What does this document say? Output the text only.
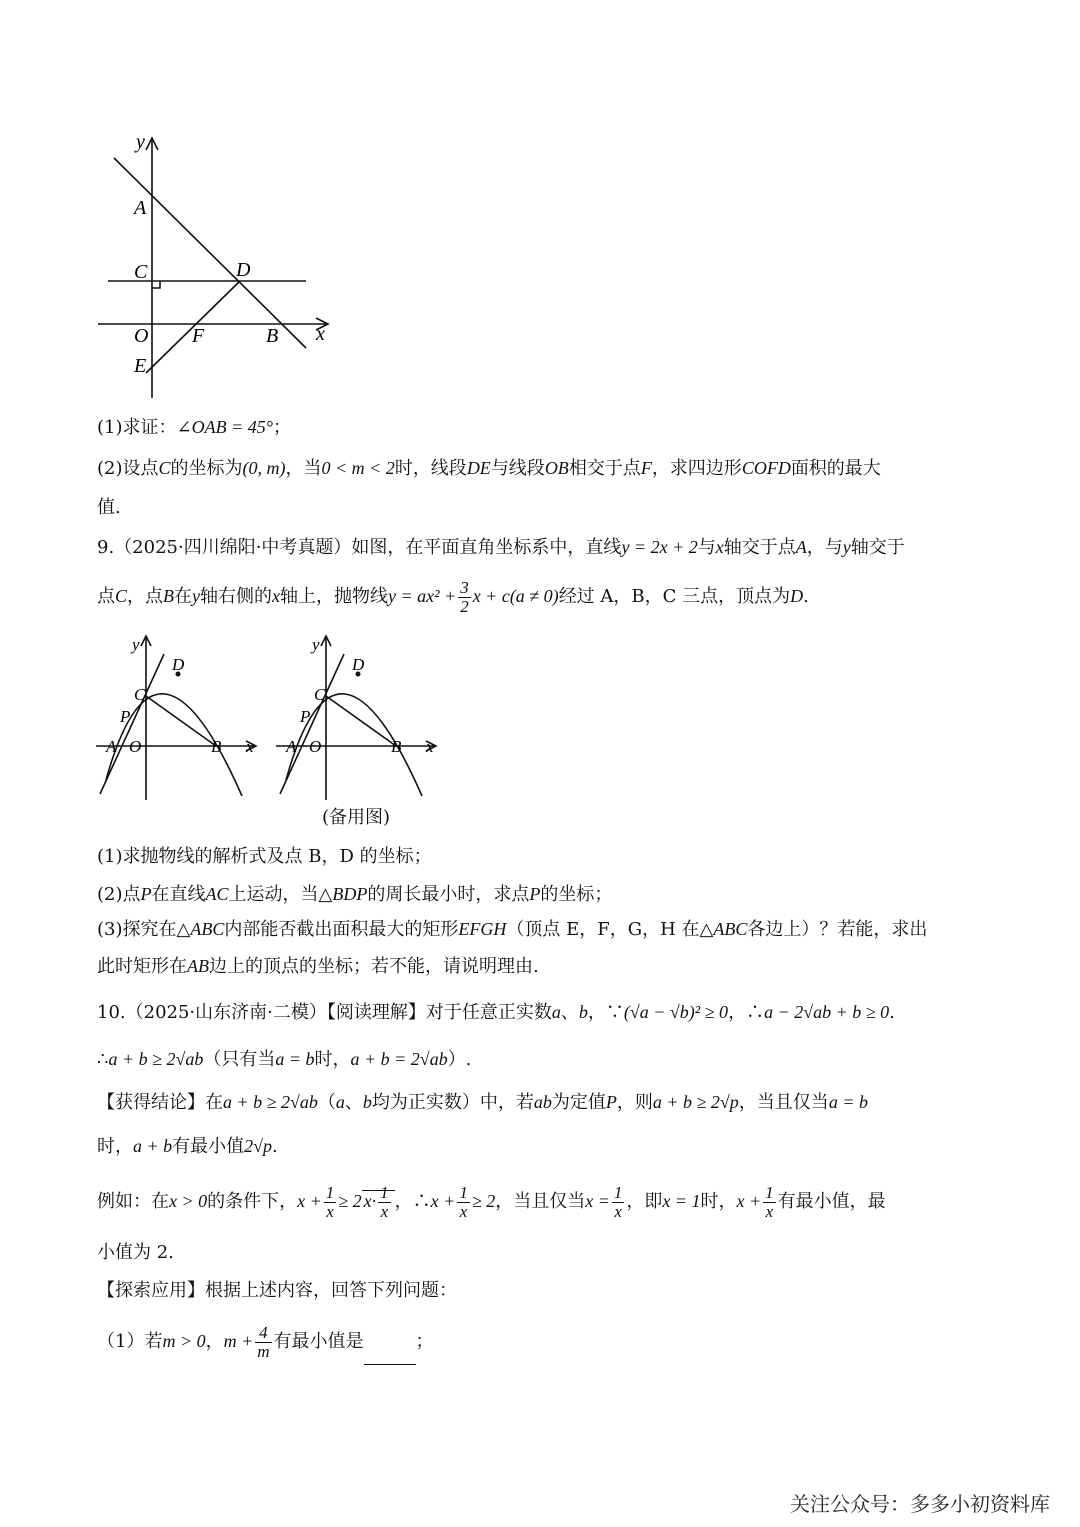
y
x
A
C	D
O F	B
E
(1)求证：∠OAB = 45°；
(2)设点C的坐标为(0, m)，当0 < m < 2时，线段DE与线段OB相交于点F，求四边形COFD面积的最大
值.
9.（2025·四川绵阳·中考真题）如图，在平面直角坐标系中，直线y = 2x + 2与x轴交于点A，与y轴交于
点C，点B在y轴右侧的x轴上，抛物线$y = ax^2 + \frac{3}{2}$ x + c(a ≠ 0)经过 A，B，C 三点，顶点为D.
y
x
D
C
P
A O	B
y
x
D
C
P
A O	B
(备用图)
(1)求抛物线的解析式及点 B，D 的坐标；
(2)点P在直线AC上运动，当△BDP的周长最小时，求点P的坐标；
(3)探究在△ABC内部能否截出面积最大的矩形EFGH（顶点 E，F，G，H 在△ABC各边上）？若能，求出
此时矩形在AB边上的顶点的坐标；若不能，请说明理由.
10.（2025·山东济南·二模）【阅读理解】对于任意正实数a、b，∵(√a − √b)² ≥ 0，∴a − 2√ab + b ≥ 0.
∴a + b ≥ 2√ab（只有当a = b时，a + b = 2√ab）.
【获得结论】在a + b ≥ 2√ab（a、b均为正实数）中，若ab为定值P，则a + b ≥ 2√p，当且仅当a = b
时，a + b有最小值2√p.
例如：在x > 0的条件下，$x + \frac{1}{x} \ge 2$ $x\cdot \frac{1}{x}$ ，∴x + $\frac{1}{x} \ge 2$，当且仅当$x = \frac{1}{x}$ ，即x = 1时，$x + \frac{1}{x}$ 有最小值，最
小值为 2.
【探索应用】根据上述内容，回答下列问题：
（1）若m > 0，$m + \frac{4}{m}$ 有最小值是	；
关注公众号：多多小初资料库
